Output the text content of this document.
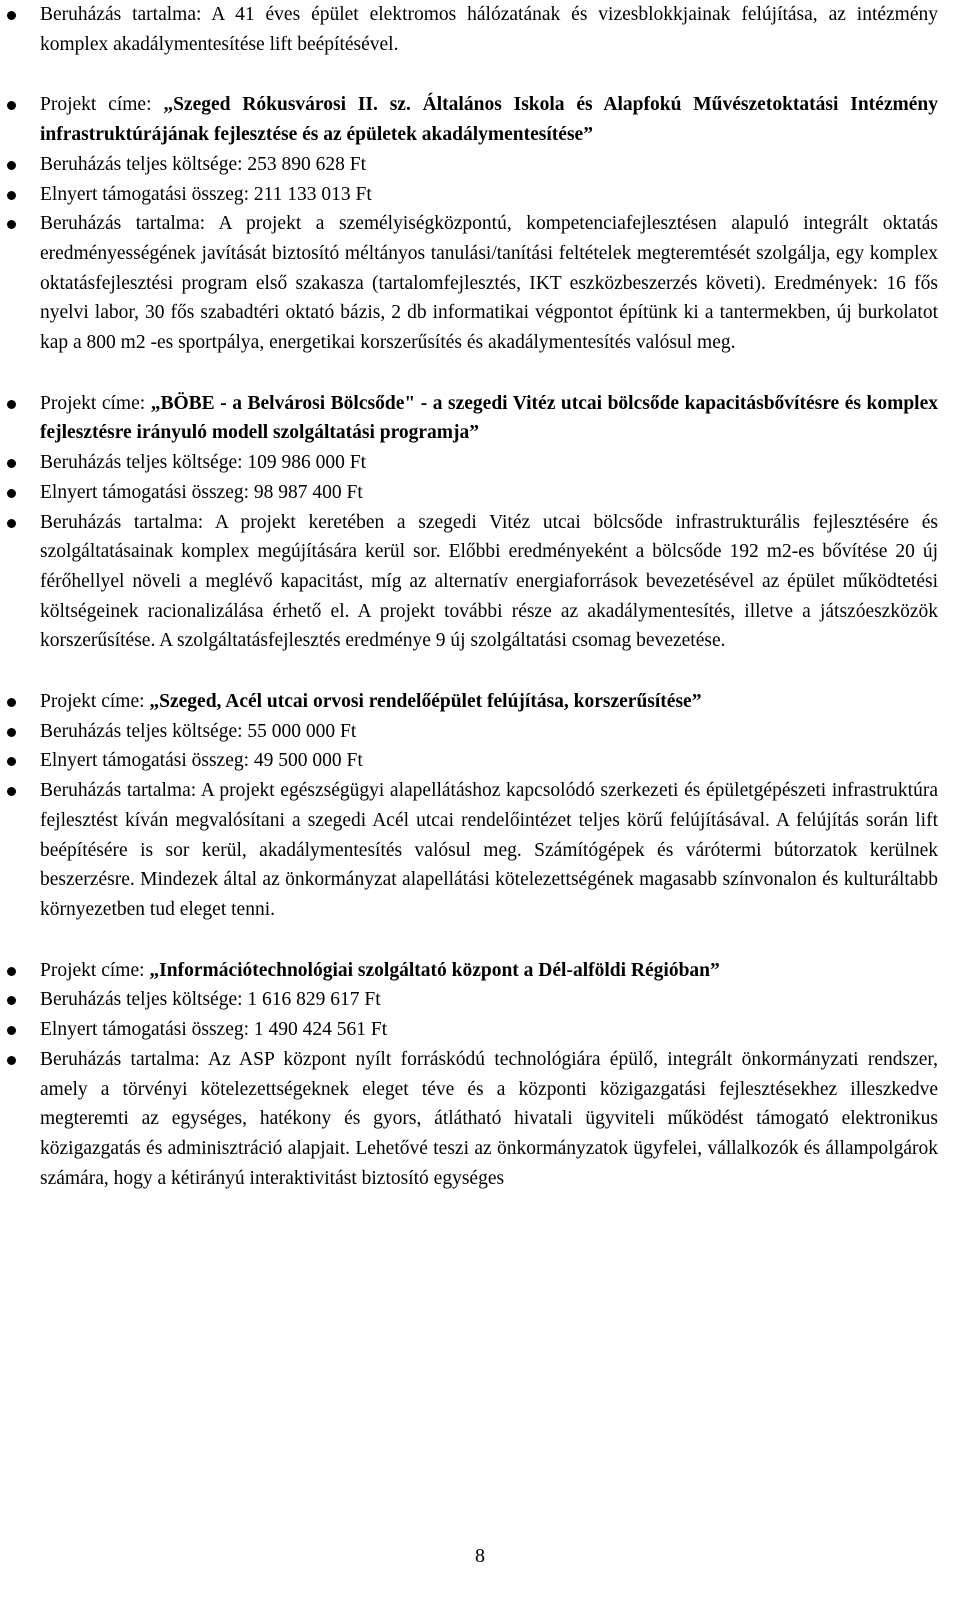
Beruházás tartalma: A 41 éves épület elektromos hálózatának és vizesblokkjainak felújítása, az intézmény komplex akadálymentesítése lift beépítésével.
Projekt címe: „Szeged Rókusvárosi II. sz. Általános Iskola és Alapfokú Művészetoktatási Intézmény infrastruktúrájának fejlesztése és az épületek akadálymentesítése”
Beruházás teljes költsége: 253 890 628 Ft
Elnyert támogatási összeg: 211 133 013 Ft
Beruházás tartalma: A projekt a személyiségközpontú, kompetenciafejlesztésen alapuló integrált oktatás eredményességének javítását biztosító méltányos tanulási/tanítási feltételek megteremtését szolgálja, egy komplex oktatásfejlesztési program első szakasza (tartalomfejlesztés, IKT eszközbeszerzés követi). Eredmények: 16 fős nyelvi labor, 30 fős szabadtéri oktató bázis, 2 db informatikai végpontot építünk ki a tantermekben, új burkolatot kap a 800 m2 -es sportpálya, energetikai korszerűsítés és akadálymentesítés valósul meg.
Projekt címe: „BÖBE - a Belvárosi Bölcsőde" - a szegedi Vitéz utcai bölcsőde kapacitásbővítésre és komplex fejlesztésre irányuló modell szolgáltatási programja”
Beruházás teljes költsége: 109 986 000 Ft
Elnyert támogatási összeg: 98 987 400 Ft
Beruházás tartalma: A projekt keretében a szegedi Vitéz utcai bölcsőde infrastrukturális fejlesztésére és szolgáltatásainak komplex megújítására kerül sor. Előbbi eredményeként a bölcsőde 192 m2-es bővítése 20 új férőhellyel növeli a meglévő kapacitást, míg az alternatív energiaforrások bevezetésével az épület működtetési költségeinek racionalizálása érhető el. A projekt további része az akadálymentesítés, illetve a játszóeszközök korszerűsítése. A szolgáltatásfejlesztés eredménye 9 új szolgáltatási csomag bevezetése.
Projekt címe: „Szeged, Acél utcai orvosi rendelőépület felújítása, korszerűsítése”
Beruházás teljes költsége: 55 000 000 Ft
Elnyert támogatási összeg: 49 500 000 Ft
Beruházás tartalma: A projekt egészségügyi alapellátáshoz kapcsolódó szerkezeti és épületgépészeti infrastruktúra fejlesztést kíván megvalósítani a szegedi Acél utcai rendelőintézet teljes körű felújításával. A felújítás során lift beépítésére is sor kerül, akadálymentesítés valósul meg. Számítógépek és várótermi bútorzatok kerülnek beszerzésre. Mindezek által az önkormányzat alapellátási kötelezettségének magasabb színvonalon és kulturáltabb környezetben tud eleget tenni.
Projekt címe: „Információtechnológiai szolgáltató központ a Dél-alföldi Régióban”
Beruházás teljes költsége: 1 616 829 617 Ft
Elnyert támogatási összeg: 1 490 424 561 Ft
Beruházás tartalma: Az ASP központ nyílt forráskódú technológiára épülő, integrált önkormányzati rendszer, amely a törvényi kötelezettségeknek eleget téve és a központi közigazgatási fejlesztésekhez illeszkedve megteremti az egységes, hatékony és gyors, átlátható hivatali ügyviteli működést támogató elektronikus közigazgatás és adminisztráció alapjait. Lehetővé teszi az önkormányzatok ügyfelei, vállalkozók és állampolgárok számára, hogy a kétirányú interaktivitást biztosító egységes
8
